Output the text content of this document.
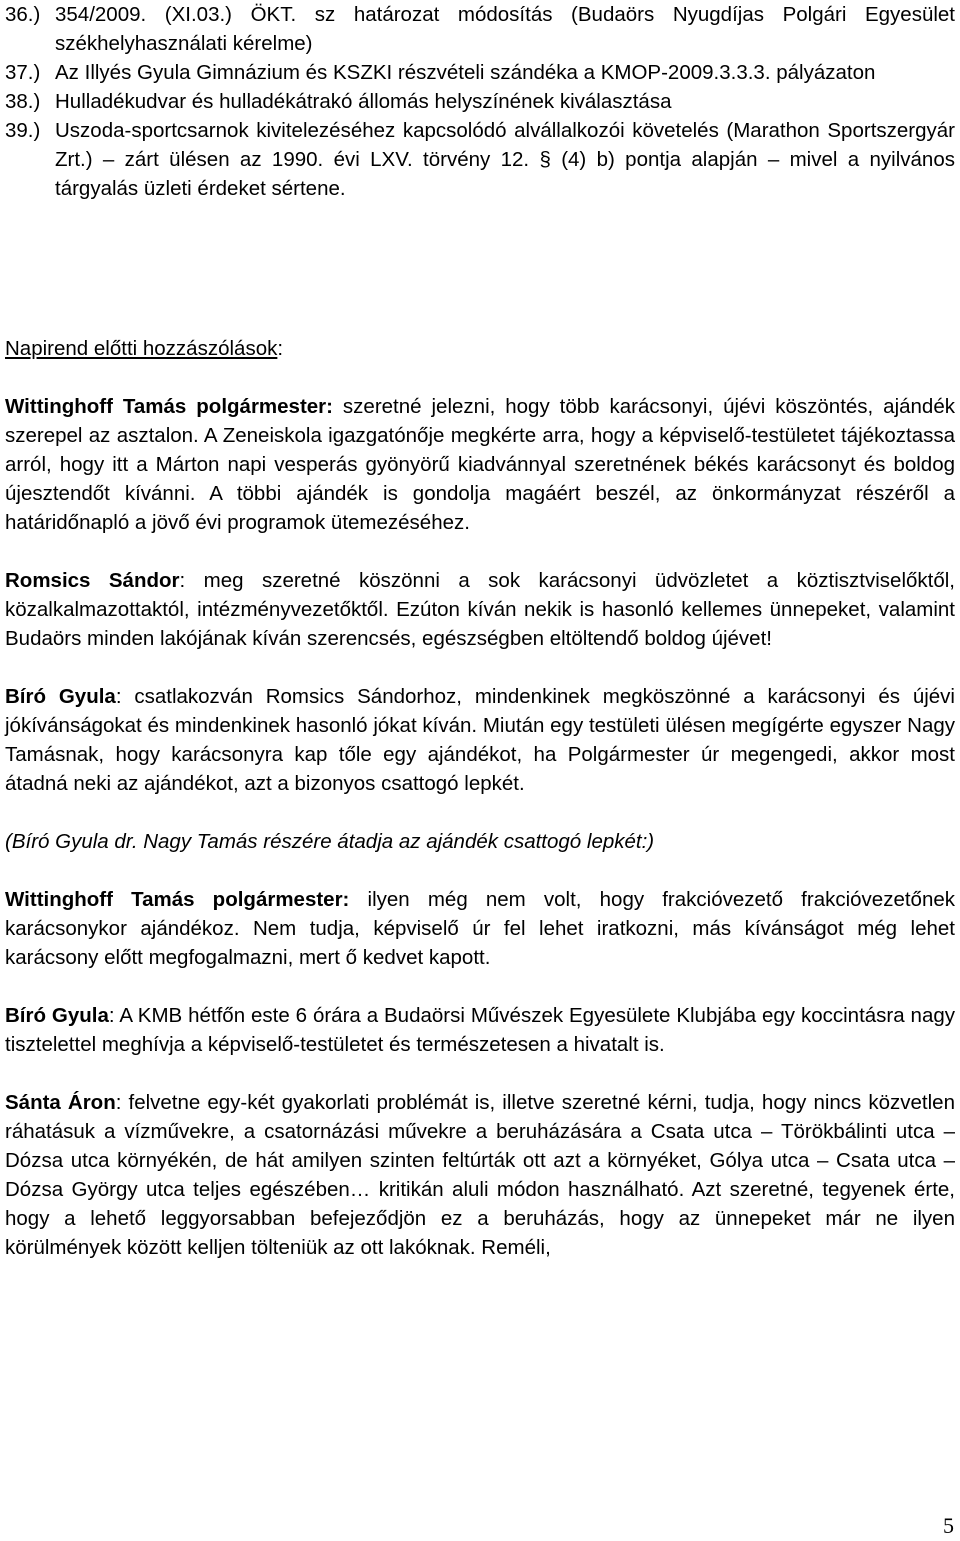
36.) 354/2009. (XI.03.) ÖKT. sz határozat módosítás (Budaörs Nyugdíjas Polgári Egyesület székhelyhasználati kérelme)
37.) Az Illyés Gyula Gimnázium és KSZKI részvételi szándéka a KMOP-2009.3.3.3. pályázaton
38.) Hulladékudvar és hulladékátrakó állomás helyszínének kiválasztása
39.) Uszoda-sportcsarnok kivitelezéséhez kapcsolódó alvállalkozói követelés (Marathon Sportszergyár Zrt.) – zárt ülésen az 1990. évi LXV. törvény 12. § (4) b) pontja alapján – mivel a nyilvános tárgyalás üzleti érdeket sértene.
Napirend előtti hozzászólások:

Wittinghoff Tamás polgármester: szeretné jelezni, hogy több karácsonyi, újévi köszöntés, ajándék szerepel az asztalon. A Zeneiskola igazgatónője megkérte arra, hogy a képviselő-testületet tájékoztassa arról, hogy itt a Márton napi vesperás gyönyörű kiadvánnyal szeretnének békés karácsonyt és boldog újesztendőt kívánni. A többi ajándék is gondolja magáért beszél, az önkormányzat részéről a határidőnapló a jövő évi programok ütemezéséhez.

Romsics Sándor: meg szeretné köszönni a sok karácsonyi üdvözletet a köztisztviselőktől, közalkalmazottaktól, intézményvezetőktől. Ezúton kíván nekik is hasonló kellemes ünnepeket, valamint Budaörs minden lakójának kíván szerencsés, egészségben eltöltendő boldog újévet!

Bíró Gyula: csatlakozván Romsics Sándorhoz, mindenkinek megköszönné a karácsonyi és újévi jókívánságokat és mindenkinek hasonló jókat kíván. Miután egy testületi ülésen megígérte egyszer Nagy Tamásnak, hogy karácsonyra kap tőle egy ajándékot, ha Polgármester úr megengedi, akkor most átadná neki az ajándékot, azt a bizonyos csattogó lepkét.

(Bíró Gyula dr. Nagy Tamás részére átadja az ajándék csattogó lepkét:)

Wittinghoff Tamás polgármester: ilyen még nem volt, hogy frakcióvezető frakcióvezetőnek karácsonykor ajándékoz. Nem tudja, képviselő úr fel lehet iratkozni, más kívánságot még lehet karácsony előtt megfogalmazni, mert ő kedvet kapott.

Bíró Gyula: A KMB hétfőn este 6 órára a Budaörsi Művészek Egyesülete Klubjába egy koccintásra nagy tisztelettel meghívja a képviselő-testületet és természetesen a hivatalt is.

Sánta Áron: felvetne egy-két gyakorlati problémát is, illetve szeretné kérni, tudja, hogy nincs közvetlen ráhatásuk a vízművekre, a csatornázási művekre a beruházására a Csata utca – Törökbálinti utca – Dózsa utca környékén, de hát amilyen szinten feltúrták ott azt a környéket, Gólya utca – Csata utca – Dózsa György utca teljes egészében… kritikán aluli módon használható. Azt szeretné, tegyenek érte, hogy a lehető leggyorsabban befejeződjön ez a beruházás, hogy az ünnepeket már ne ilyen körülmények között kelljen tölteniük az ott lakóknak. Reméli,

5
